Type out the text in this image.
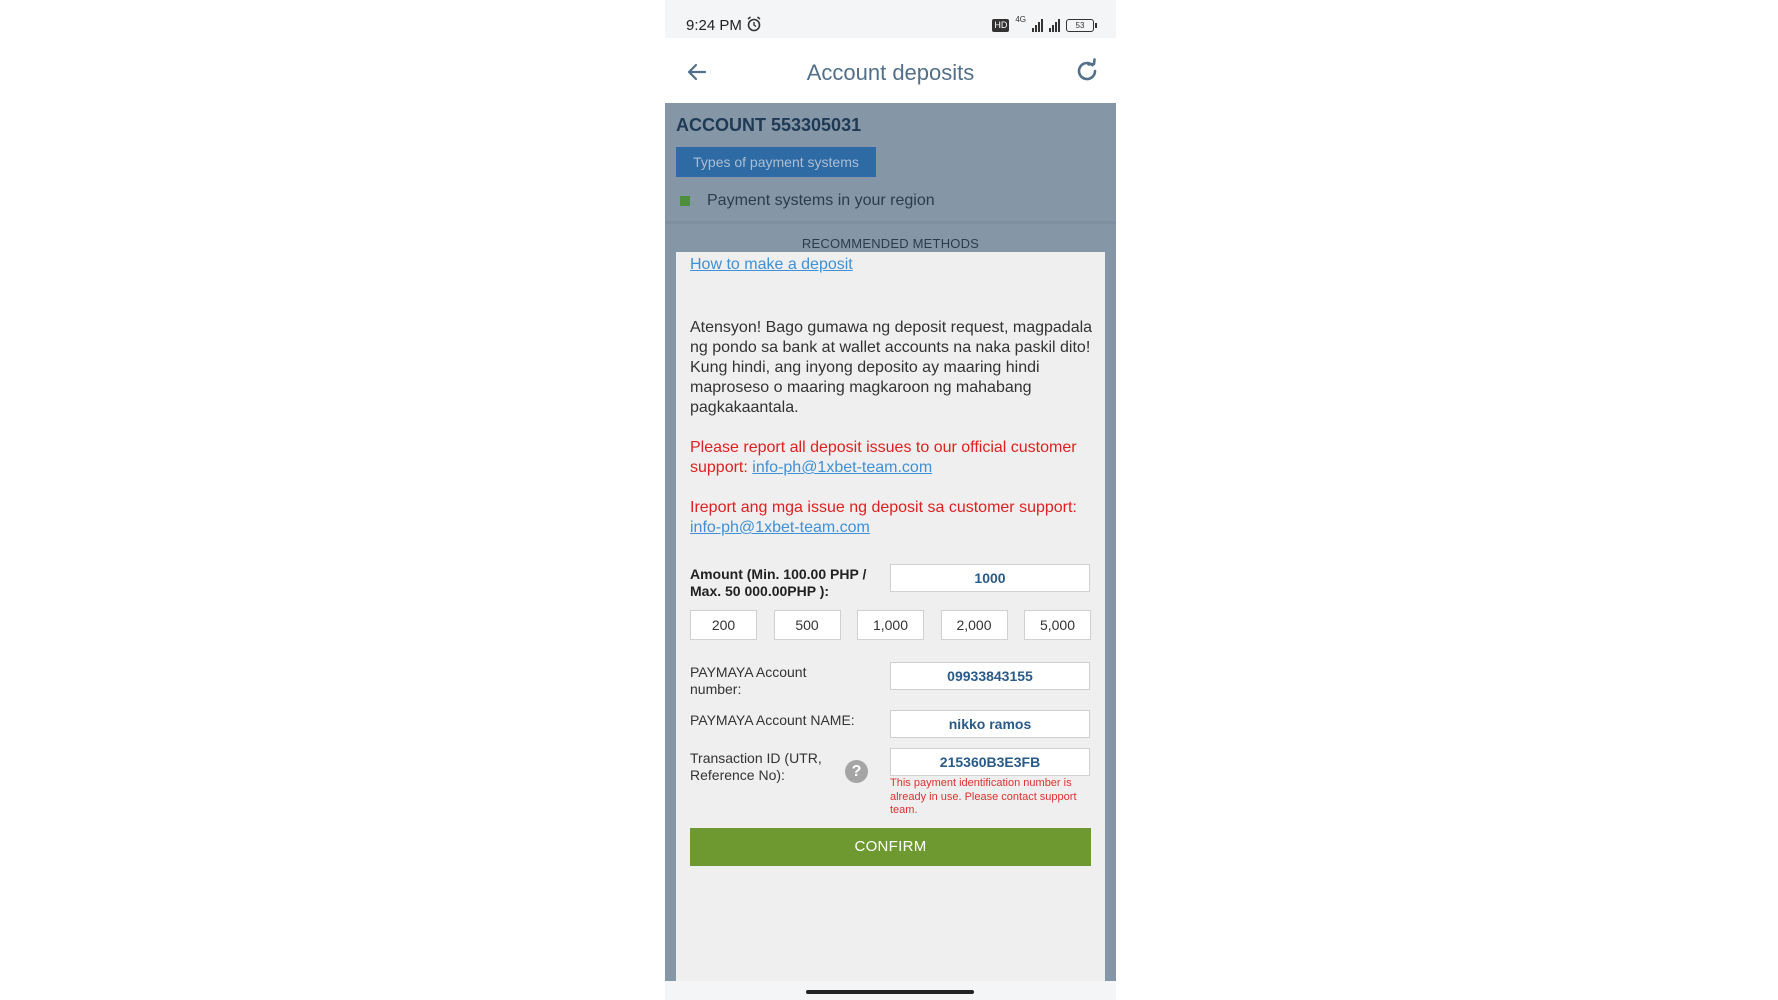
9:24 PM	HD
4G
53
Account deposits
ACCOUNT 553305031
Types of payment systems
Payment systems in your region
RECOMMENDED METHODS
How to make a deposit
Atensyon! Bago gumawa ng deposit request, magpadala ng pondo sa bank at wallet accounts na naka paskil dito! Kung hindi, ang inyong deposito ay maaring hindi maproseso o maaring magkaroon ng mahabang pagkakaantala.
Please report all deposit issues to our official customer support: info-ph@1xbet-team.com
Ireport ang mga issue ng deposit sa customer support: info-ph@1xbet-team.com
Amount (Min. 100.00 PHP / Max. 50 000.00PHP ):
1000
200	500	1,000	2,000	5,000
PAYMAYA Account number:
09933843155
PAYMAYA Account NAME:
nikko ramos
Transaction ID (UTR, Reference No):	?
215360B3E3FB
This payment identification number is already in use. Please contact support team.
CONFIRM
